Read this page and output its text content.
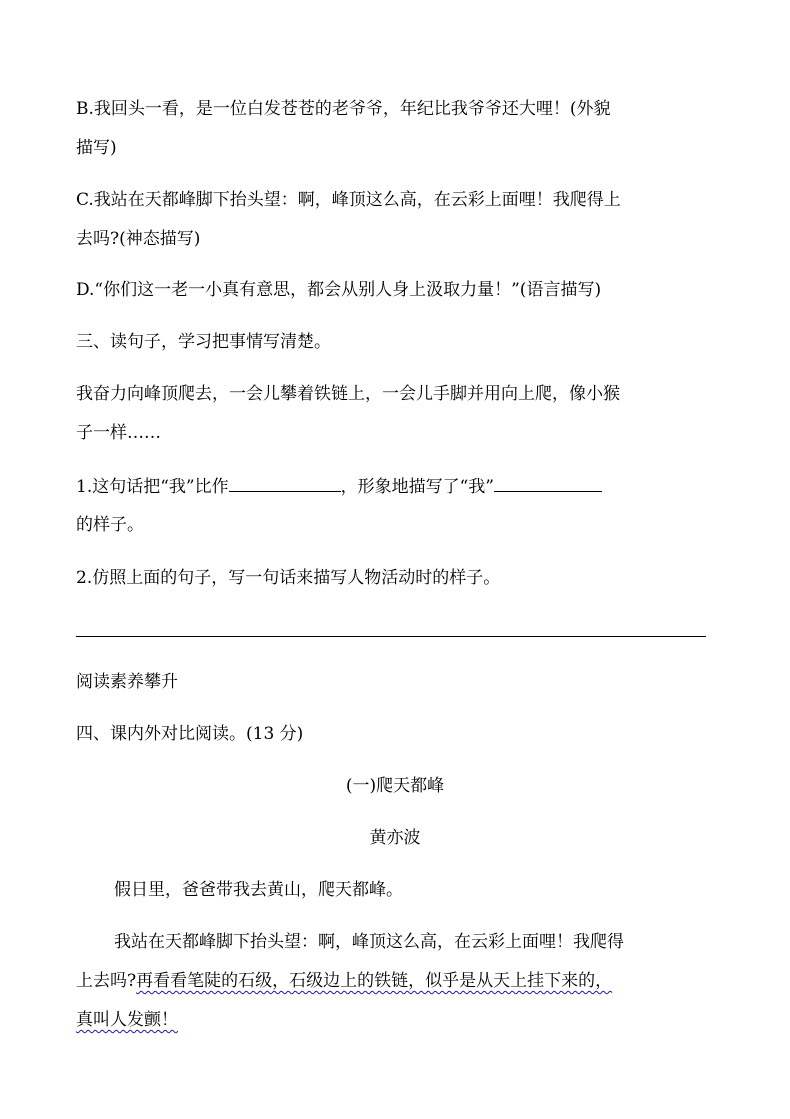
B.我回头一看，是一位白发苍苍的老爷爷，年纪比我爷爷还大哩！(外貌
描写)
C.我站在天都峰脚下抬头望：啊，峰顶这么高，在云彩上面哩！我爬得上
去吗?(神态描写)
D.“你们这一老一小真有意思，都会从别人身上汲取力量！”(语言描写)
三、读句子，学习把事情写清楚。
我奋力向峰顶爬去，一会儿攀着铁链上，一会儿手脚并用向上爬，像小猴
子一样……
1.这句话把“我”比作	，形象地描写了“我”
的样子。
2.仿照上面的句子，写一句话来描写人物活动时的样子。
阅读素养攀升
四、课内外对比阅读。(13 分)
(一)爬天都峰
黄亦波
假日里，爸爸带我去黄山，爬天都峰。
我站在天都峰脚下抬头望：啊，峰顶这么高，在云彩上面哩！我爬得
上去吗?再看看笔陡的石级，石级边上的铁链，似乎是从天上挂下来的，
真叫人发颤！
